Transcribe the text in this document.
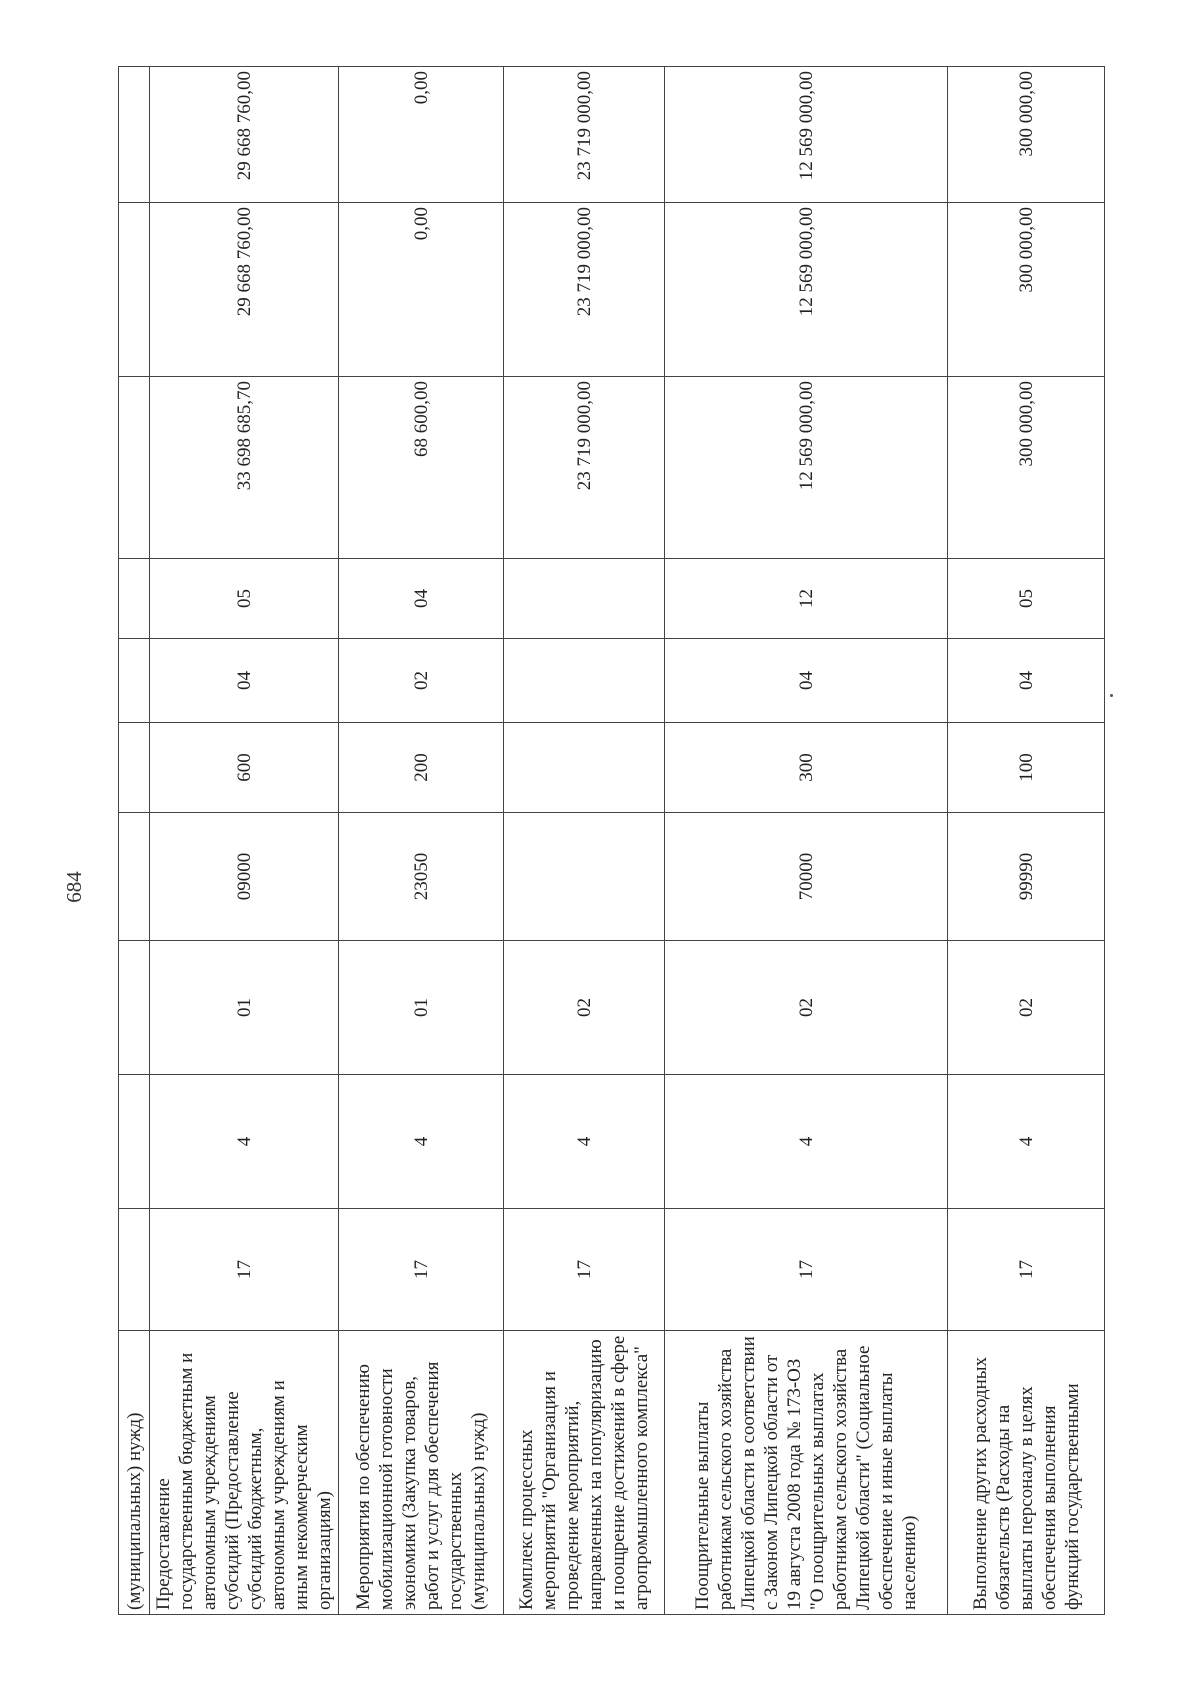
684
(муниципальных) нужд)										
Предоставление государственным бюджетным и автономным учреждениям субсидий (Предоставление субсидий бюджетным, автономным учреждениям и иным некоммерческим организациям)	17	4	01	09000	600	04	05	33 698 685,70	29 668 760,00	29 668 760,00
Мероприятия по обеспечению мобилизационной готовности экономики (Закупка товаров, работ и услуг для обеспечения государственных (муниципальных) нужд)	17	4	01	23050	200	02	04	68 600,00	0,00	0,00
Комплекс процессных мероприятий "Организация и проведение мероприятий, направленных на популяризацию и поощрение достижений в сфере агропромышленного комплекса"	17	4	02					23 719 000,00	23 719 000,00	23 719 000,00
Поощрительные выплаты работникам сельского хозяйства Липецкой области в соответствии с Законом Липецкой области от 19 августа 2008 года № 173-ОЗ "О поощрительных выплатах работникам сельского хозяйства Липецкой области" (Социальное обеспечение и иные выплаты населению)	17	4	02	70000	300	04	12	12 569 000,00	12 569 000,00	12 569 000,00
Выполнение других расходных обязательств (Расходы на выплаты персоналу в целях обеспечения выполнения функций государственными	17	4	02	99990	100	04	05	300 000,00	300 000,00	300 000,00
